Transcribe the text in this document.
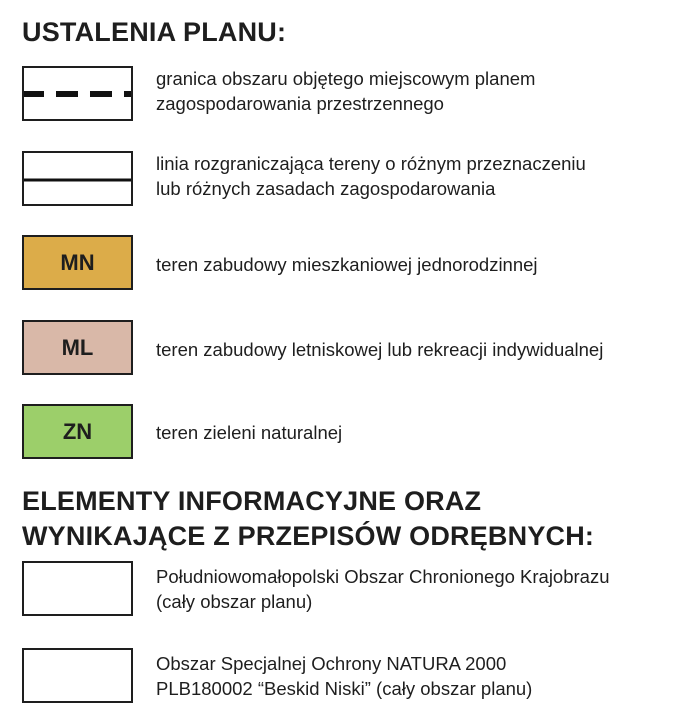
USTALENIA PLANU:
granica obszaru objętego miejscowym planem
zagospodarowania przestrzennego
linia rozgraniczająca tereny o różnym przeznaczeniu
lub różnych zasadach zagospodarowania
MN	teren zabudowy mieszkaniowej jednorodzinnej
ML	teren zabudowy letniskowej lub rekreacji indywidualnej
ZN	teren zieleni naturalnej
ELEMENTY INFORMACYJNE ORAZ
WYNIKAJĄCE Z PRZEPISÓW ODRĘBNYCH:
Południowomałopolski Obszar Chronionego Krajobrazu
(cały obszar planu)
Obszar Specjalnej Ochrony NATURA 2000
PLB180002 “Beskid Niski” (cały obszar planu)
